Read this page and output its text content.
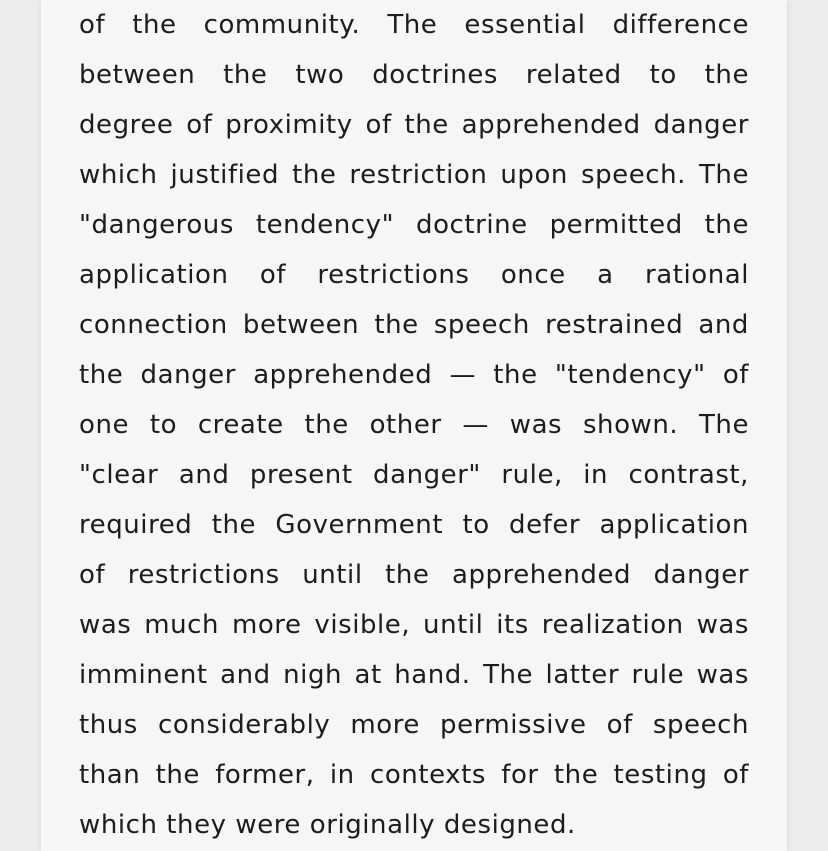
of the community. The essential difference
between the two doctrines related to the
degree of proximity of the apprehended danger
which justified the restriction upon speech. The
"dangerous tendency" doctrine permitted the
application of restrictions once a rational
connection between the speech restrained and
the danger apprehended — the "tendency" of
one to create the other — was shown. The
"clear and present danger" rule, in contrast,
required the Government to defer application
of restrictions until the apprehended danger
was much more visible, until its realization was
imminent and nigh at hand. The latter rule was
thus considerably more permissive of speech
than the former, in contexts for the testing of
which they were originally designed.
